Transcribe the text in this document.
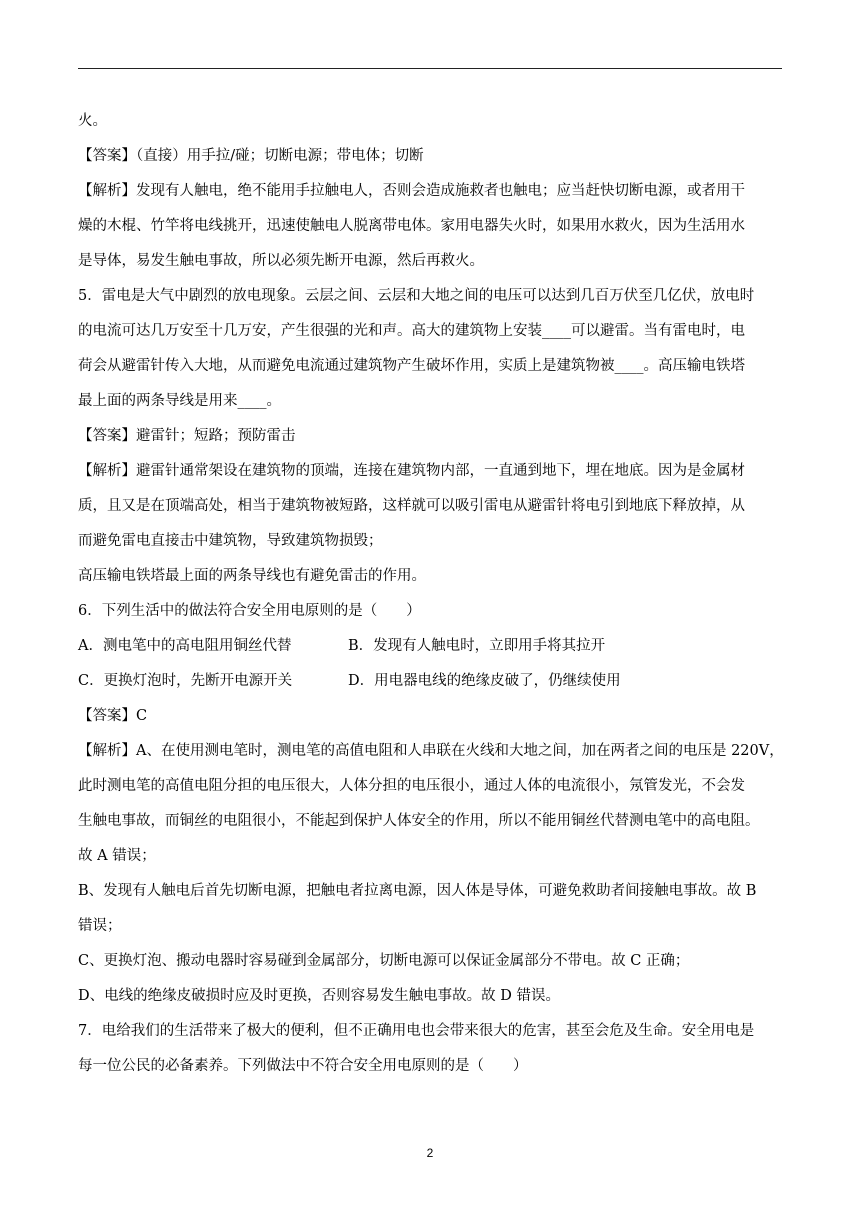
火。
【答案】（直接）用手拉/碰；切断电源；带电体；切断
【解析】发现有人触电，绝不能用手拉触电人，否则会造成施救者也触电；应当赶快切断电源，或者用干
燥的木棍、竹竿将电线挑开，迅速使触电人脱离带电体。家用电器失火时，如果用水救火，因为生活用水
是导体，易发生触电事故，所以必须先断开电源，然后再救火。
5．雷电是大气中剧烈的放电现象。云层之间、云层和大地之间的电压可以达到几百万伏至几亿伏，放电时
的电流可达几万安至十几万安，产生很强的光和声。高大的建筑物上安装____可以避雷。当有雷电时，电
荷会从避雷针传入大地，从而避免电流通过建筑物产生破坏作用，实质上是建筑物被____。高压输电铁塔
最上面的两条导线是用来____。
【答案】避雷针；短路；预防雷击
【解析】避雷针通常架设在建筑物的顶端，连接在建筑物内部，一直通到地下，埋在地底。因为是金属材
质，且又是在顶端高处，相当于建筑物被短路，这样就可以吸引雷电从避雷针将电引到地底下释放掉，从
而避免雷电直接击中建筑物，导致建筑物损毁；
高压输电铁塔最上面的两条导线也有避免雷击的作用。
6．下列生活中的做法符合安全用电原则的是（　　）
A．测电笔中的高电阻用铜丝代替	B．发现有人触电时，立即用手将其拉开
C．更换灯泡时，先断开电源开关	D．用电器电线的绝缘皮破了，仍继续使用
【答案】C
【解析】A、在使用测电笔时，测电笔的高值电阻和人串联在火线和大地之间，加在两者之间的电压是 220V，
此时测电笔的高值电阻分担的电压很大，人体分担的电压很小，通过人体的电流很小，氖管发光，不会发
生触电事故，而铜丝的电阻很小，不能起到保护人体安全的作用，所以不能用铜丝代替测电笔中的高电阻。
故 A 错误；
B、发现有人触电后首先切断电源，把触电者拉离电源，因人体是导体，可避免救助者间接触电事故。故 B
错误；
C、更换灯泡、搬动电器时容易碰到金属部分，切断电源可以保证金属部分不带电。故 C 正确；
D、电线的绝缘皮破损时应及时更换，否则容易发生触电事故。故 D 错误。
7．电给我们的生活带来了极大的便利，但不正确用电也会带来很大的危害，甚至会危及生命。安全用电是
每一位公民的必备素养。下列做法中不符合安全用电原则的是（　　）
2
